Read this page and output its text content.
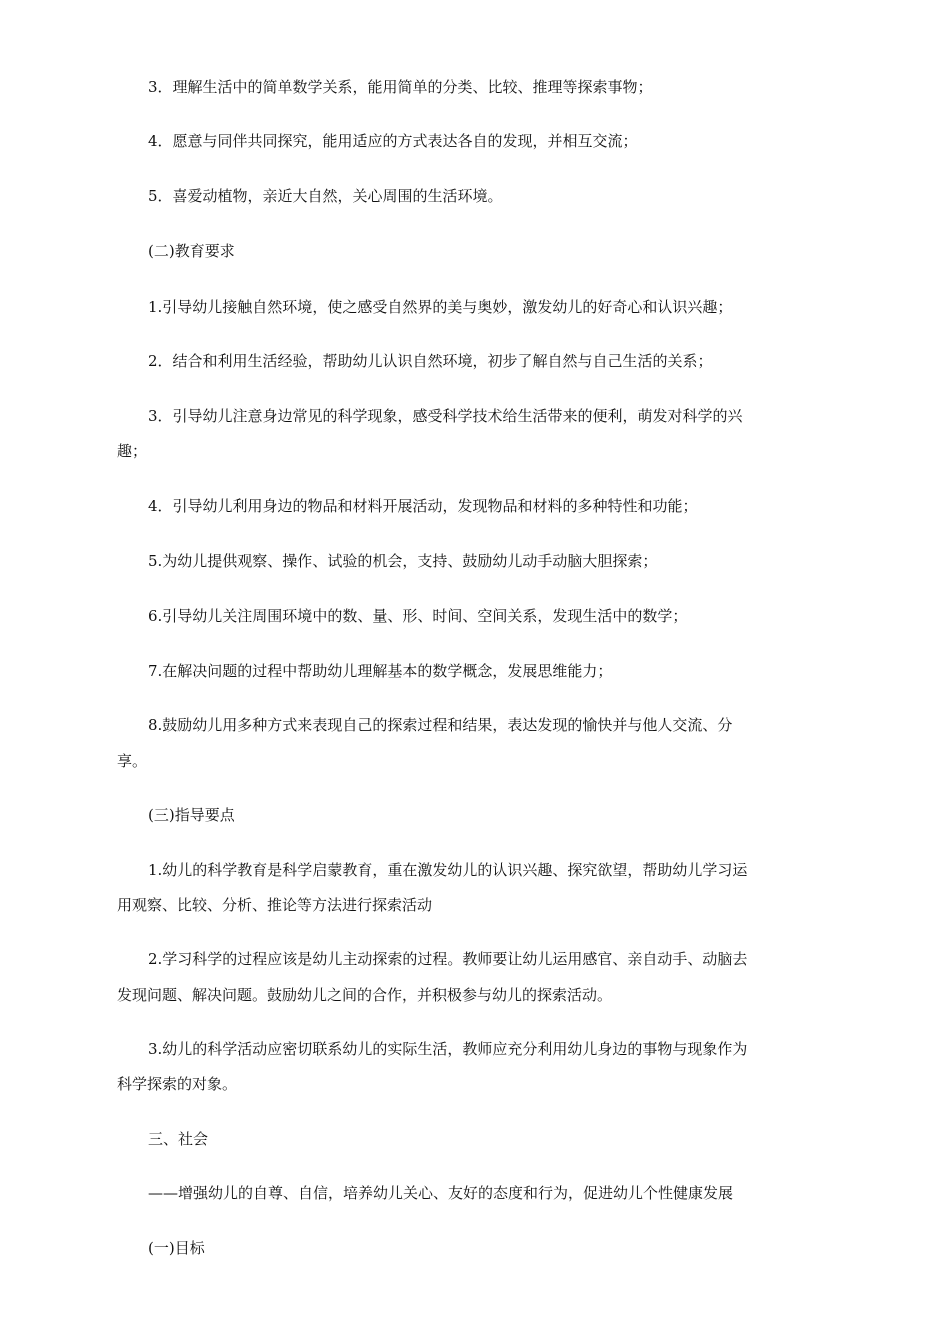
3．理解生活中的简单数学关系，能用简单的分类、比较、推理等探索事物；
4．愿意与同伴共同探究，能用适应的方式表达各自的发现，并相互交流；
5．喜爱动植物，亲近大自然，关心周围的生活环境。
(二)教育要求
1.引导幼儿接触自然环境，使之感受自然界的美与奥妙，激发幼儿的好奇心和认识兴趣；
2．结合和利用生活经验，帮助幼儿认识自然环境，初步了解自然与自己生活的关系；
3．引导幼儿注意身边常见的科学现象，感受科学技术给生活带来的便利，萌发对科学的兴
趣；
4．引导幼儿利用身边的物品和材料开展活动，发现物品和材料的多种特性和功能；
5.为幼儿提供观察、操作、试验的机会，支持、鼓励幼儿动手动脑大胆探索；
6.引导幼儿关注周围环境中的数、量、形、时间、空间关系，发现生活中的数学；
7.在解决问题的过程中帮助幼儿理解基本的数学概念，发展思维能力；
8.鼓励幼儿用多种方式来表现自己的探索过程和结果，表达发现的愉快并与他人交流、分
享。
(三)指导要点
1.幼儿的科学教育是科学启蒙教育，重在激发幼儿的认识兴趣、探究欲望，帮助幼儿学习运
用观察、比较、分析、推论等方法进行探索活动
2.学习科学的过程应该是幼儿主动探索的过程。教师要让幼儿运用感官、亲自动手、动脑去
发现问题、解决问题。鼓励幼儿之间的合作，并积极参与幼儿的探索活动。
3.幼儿的科学活动应密切联系幼儿的实际生活，教师应充分利用幼儿身边的事物与现象作为
科学探索的对象。
三、社会
——增强幼儿的自尊、自信，培养幼儿关心、友好的态度和行为，促进幼儿个性健康发展
(一)目标
